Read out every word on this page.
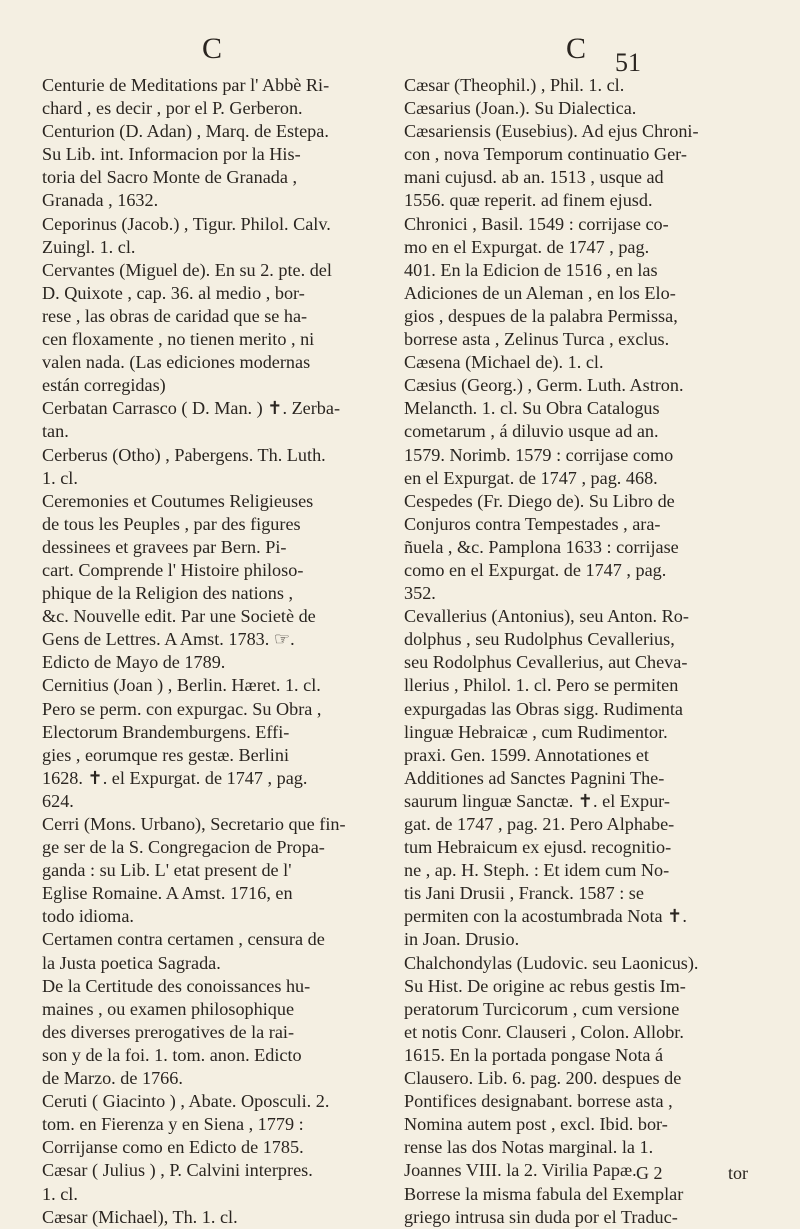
C	C 51
Centurie de Meditations par l' Abbè Ri-
chard , es decir , por el P. Gerberon.
Centurion (D. Adan) , Marq. de Estepa.
Su Lib. int. Informacion por la His-
toria del Sacro Monte de Granada ,
Granada , 1632.
Ceporinus (Jacob.) , Tigur. Philol. Calv.
Zuingl. 1. cl.
Cervantes (Miguel de). En su 2. pte. del
D. Quixote , cap. 36. al medio , bor-
rese , las obras de caridad que se ha-
cen floxamente , no tienen merito , ni
valen nada. (Las ediciones modernas
están corregidas)
Cerbatan Carrasco ( D. Man. ) ✝. Zerba-
tan.
Cerberus (Otho) , Pabergens. Th. Luth.
1. cl.
Ceremonies et Coutumes Religieuses
de tous les Peuples , par des figures
dessinees et gravees par Bern. Pi-
cart. Comprende l' Histoire philoso-
phique de la Religion des nations ,
&c. Nouvelle edit. Par une Societè de
Gens de Lettres. A Amst. 1783. ☞.
Edicto de Mayo de 1789.
Cernitius (Joan ) , Berlin. Hæret. 1. cl.
Pero se perm. con expurgac. Su Obra ,
Electorum Brandemburgens. Effi-
gies , eorumque res gestæ. Berlini
1628. ✝. el Expurgat. de 1747 , pag.
624.
Cerri (Mons. Urbano), Secretario que fin-
ge ser de la S. Congregacion de Propa-
ganda : su Lib. L' etat present de l'
Eglise Romaine. A Amst. 1716, en
todo idioma.
Certamen contra certamen , censura de
la Justa poetica Sagrada.
De la Certitude des conoissances hu-
maines , ou examen philosophique
des diverses prerogatives de la rai-
son y de la foi. 1. tom. anon. Edicto
de Marzo. de 1766.
Ceruti ( Giacinto ) , Abate. Oposculi. 2.
tom. en Fierenza y en Siena , 1779 :
Corrijanse como en Edicto de 1785.
Cæsar ( Julius ) , P. Calvini interpres.
1. cl.
Cæsar (Michael), Th. 1. cl.
Cæsar (Theophil.) , Phil. 1. cl.
Cæsarius (Joan.). Su Dialectica.
Cæsariensis (Eusebius). Ad ejus Chroni-
con , nova Temporum continuatio Ger-
mani cujusd. ab an. 1513 , usque ad
1556. quæ reperit. ad finem ejusd.
Chronici , Basil. 1549 : corrijase co-
mo en el Expurgat. de 1747 , pag.
401. En la Edicion de 1516 , en las
Adiciones de un Aleman , en los Elo-
gios , despues de la palabra Permissa,
borrese asta , Zelinus Turca , exclus.
Cæsena (Michael de). 1. cl.
Cæsius (Georg.) , Germ. Luth. Astron.
Melancth. 1. cl. Su Obra Catalogus
cometarum , á diluvio usque ad an.
1579. Norimb. 1579 : corrijase como
en el Expurgat. de 1747 , pag. 468.
Cespedes (Fr. Diego de). Su Libro de
Conjuros contra Tempestades , ara-
ñuela , &c. Pamplona 1633 : corrijase
como en el Expurgat. de 1747 , pag.
352.
Cevallerius (Antonius), seu Anton. Ro-
dolphus , seu Rudolphus Cevallerius,
seu Rodolphus Cevallerius, aut Cheva-
llerius , Philol. 1. cl. Pero se permiten
expurgadas las Obras sigg. Rudimenta
linguæ Hebraicæ , cum Rudimentor.
praxi. Gen. 1599. Annotationes et
Additiones ad Sanctes Pagnini The-
saurum linguæ Sanctæ. ✝. el Expur-
gat. de 1747 , pag. 21. Pero Alphabe-
tum Hebraicum ex ejusd. recognitio-
ne , ap. H. Steph. : Et idem cum No-
tis Jani Drusii , Franck. 1587 : se
permiten con la acostumbrada Nota ✝.
in Joan. Drusio.
Chalchondylas (Ludovic. seu Laonicus).
Su Hist. De origine ac rebus gestis Im-
peratorum Turcicorum , cum versione
et notis Conr. Clauseri , Colon. Allobr.
1615. En la portada pongase Nota á
Clausero. Lib. 6. pag. 200. despues de
Pontifices designabant. borrese asta ,
Nomina autem post , excl. Ibid. bor-
rense las dos Notas marginal. la 1.
Joannes VIII. la 2. Virilia Papæ.
Borrese la misma fabula del Exemplar
griego intrusa sin duda por el Traduc-
G 2	tor
